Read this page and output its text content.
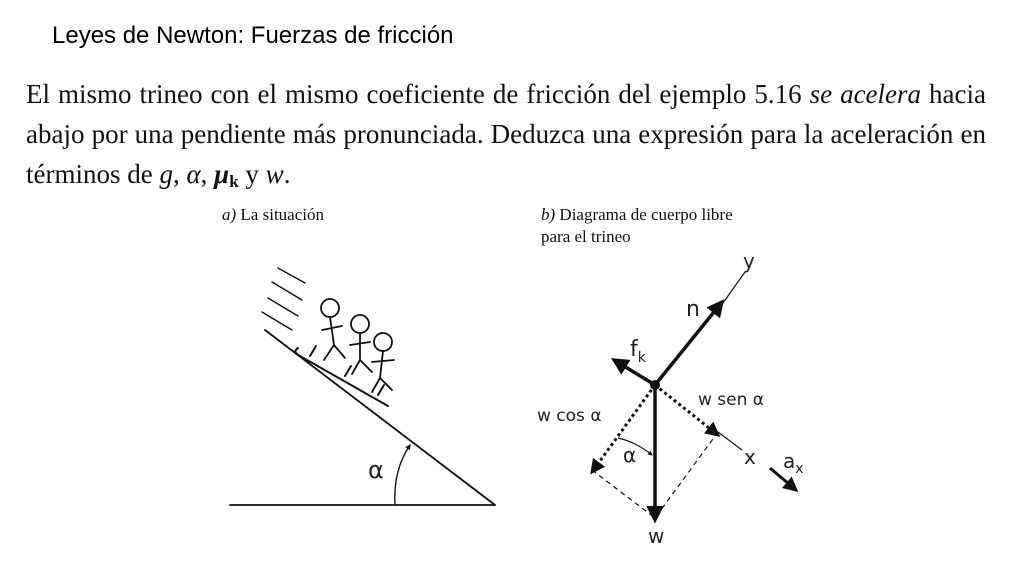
Leyes de Newton: Fuerzas de fricción
El mismo trineo con el mismo coeficiente de fricción del ejemplo 5.16 se acelera hacia abajo por una pendiente más pronunciada. Deduzca una expresión para la aceleración en términos de g, α, $\mu_k$ y w.
a) La situación	b) Diagrama de cuerpo libre
para el trineo
α
y
x
n
$f_k$
w sen α
w cos α
α
w
$a_x$
